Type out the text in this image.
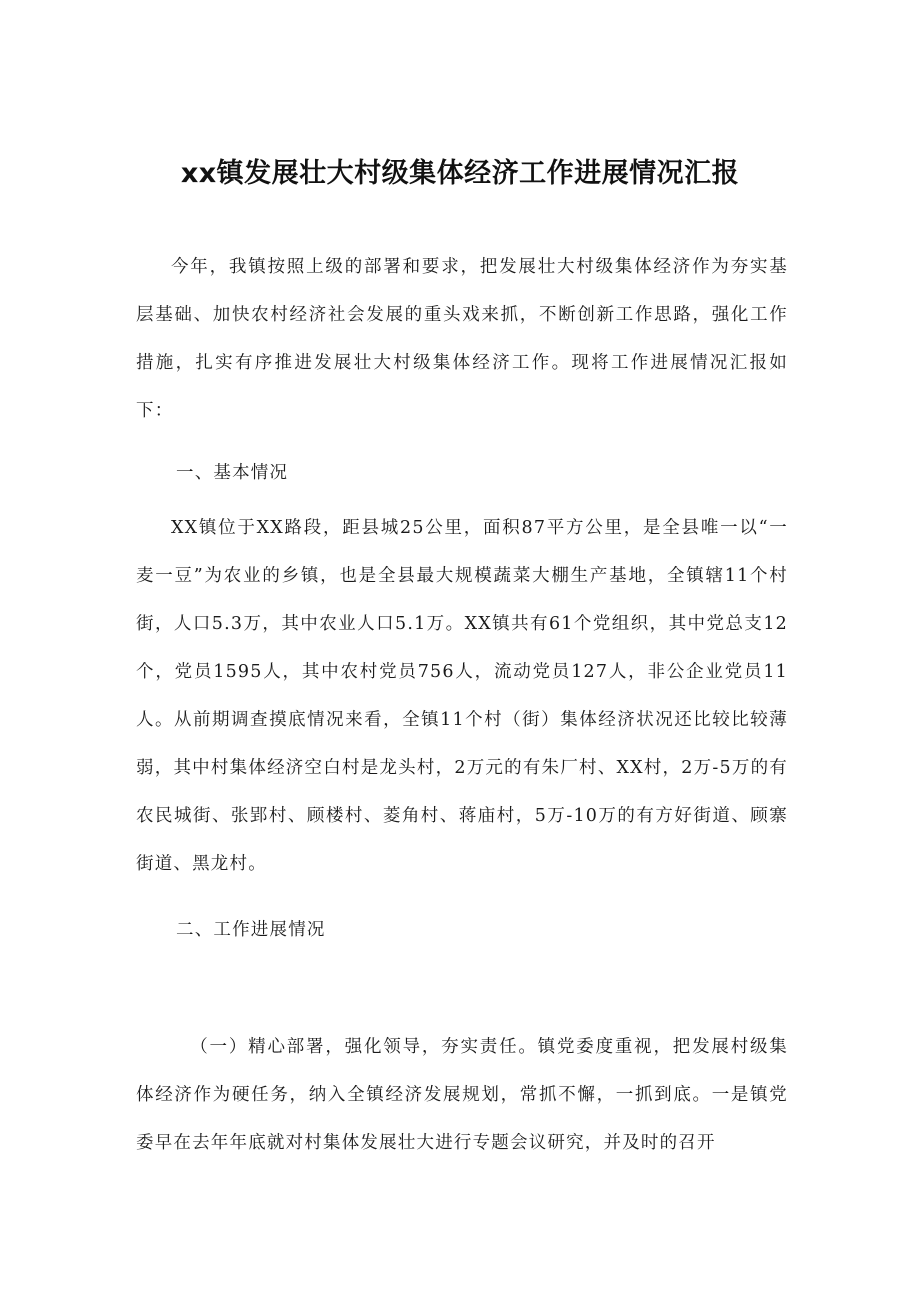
xx镇发展壮大村级集体经济工作进展情况汇报

今年，我镇按照上级的部署和要求，把发展壮大村级集体经济作为夯实基层基础、加快农村经济社会发展的重头戏来抓，不断创新工作思路，强化工作措施，扎实有序推进发展壮大村级集体经济工作。现将工作进展情况汇报如下：

一、基本情况

XX镇位于XX路段，距县城25公里，面积87平方公里，是全县唯一以“一麦一豆”为农业的乡镇，也是全县最大规模蔬菜大棚生产基地，全镇辖11个村街，人口5.3万，其中农业人口5.1万。XX镇共有61个党组织，其中党总支12个，党员1595人，其中农村党员756人，流动党员127人，非公企业党员11人。从前期调查摸底情况来看，全镇11个村（街）集体经济状况还比较比较薄弱，其中村集体经济空白村是龙头村，2万元的有朱厂村、XX村，2万-5万的有农民城街、张郢村、顾楼村、菱角村、蒋庙村，5万-10万的有方好街道、顾寨街道、黑龙村。

二、工作进展情况

（一）精心部署，强化领导，夯实责任。镇党委度重视，把发展村级集体经济作为硬任务，纳入全镇经济发展规划，常抓不懈，一抓到底。一是镇党委早在去年年底就对村集体发展壮大进行专题会议研究，并及时的召开
